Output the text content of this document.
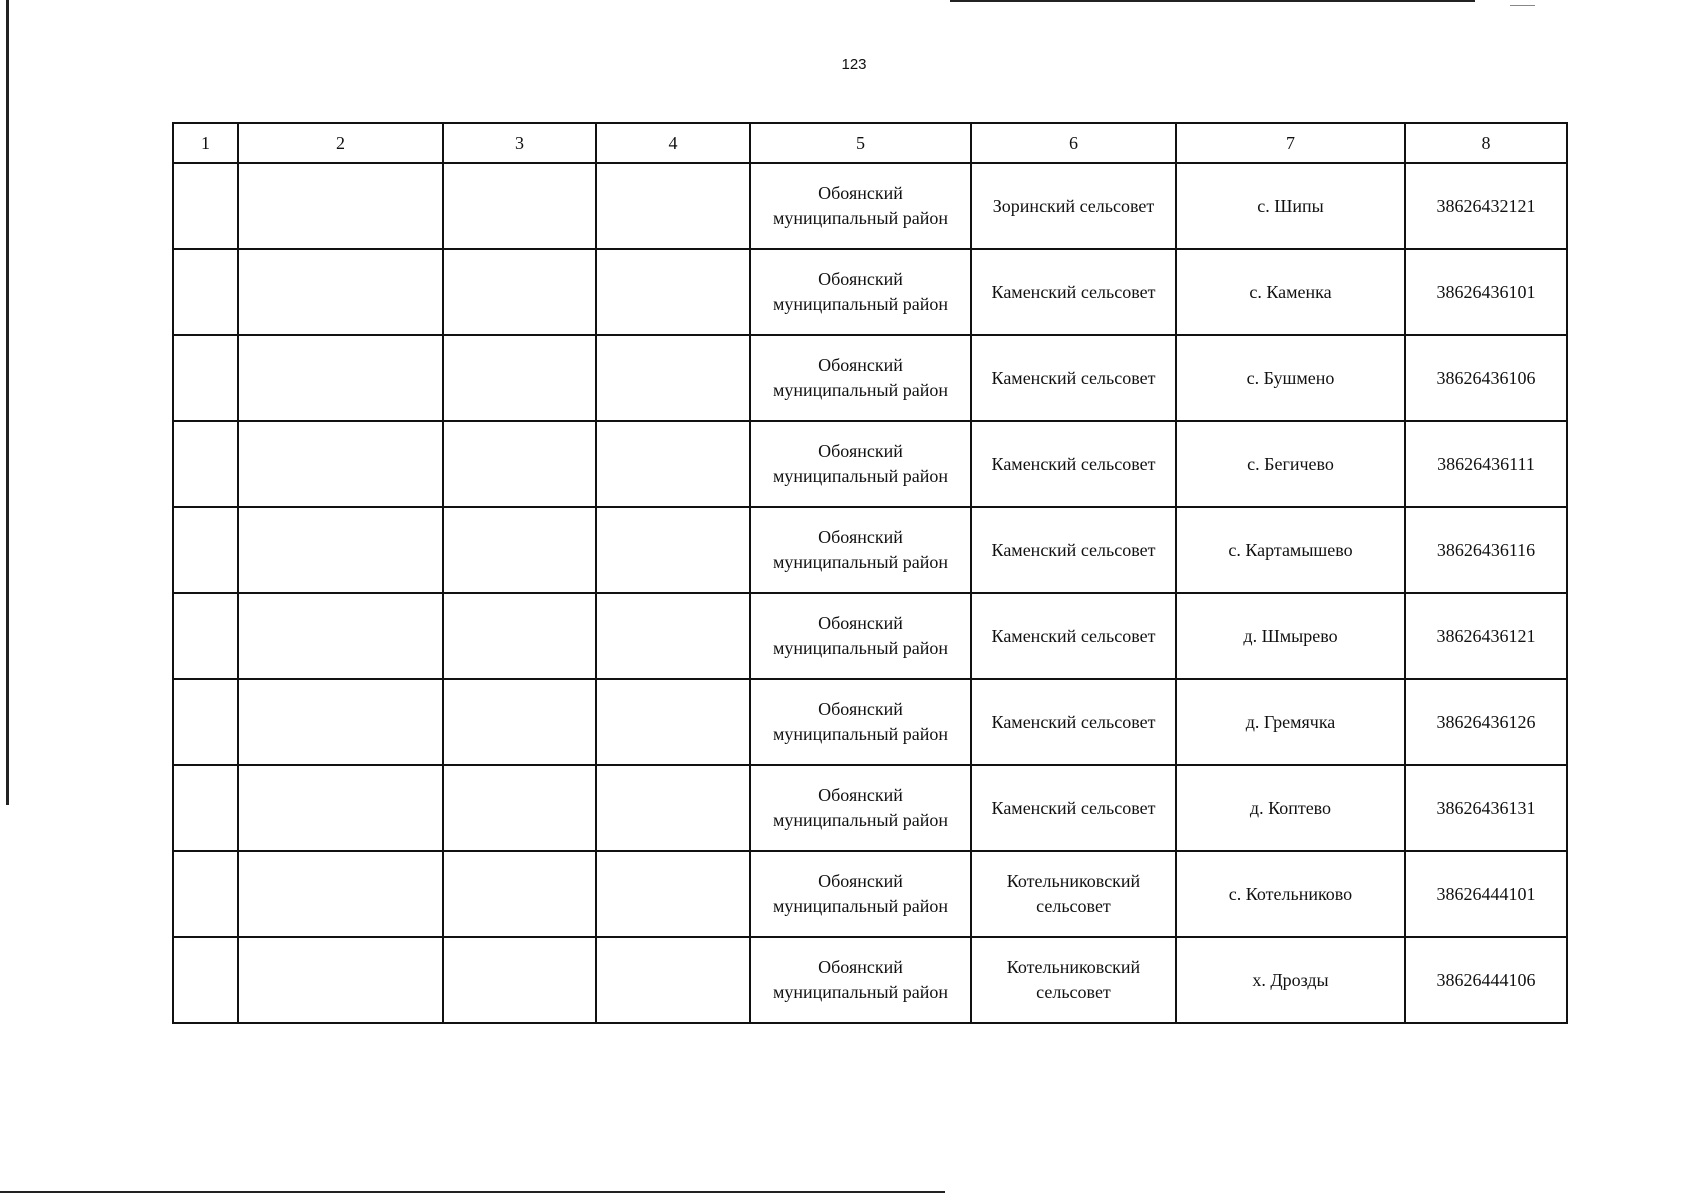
123
1	2	3	4	5	6	7	8
				Обоянский муниципальный район	Зоринский сельсовет	с. Шипы	38626432121
				Обоянский муниципальный район	Каменский сельсовет	с. Каменка	38626436101
				Обоянский муниципальный район	Каменский сельсовет	с. Бушмено	38626436106
				Обоянский муниципальный район	Каменский сельсовет	с. Бегичево	38626436111
				Обоянский муниципальный район	Каменский сельсовет	с. Картамышево	38626436116
				Обоянский муниципальный район	Каменский сельсовет	д. Шмырево	38626436121
				Обоянский муниципальный район	Каменский сельсовет	д. Гремячка	38626436126
				Обоянский муниципальный район	Каменский сельсовет	д. Коптево	38626436131
				Обоянский муниципальный район	Котельниковский сельсовет	с. Котельниково	38626444101
				Обоянский муниципальный район	Котельниковский сельсовет	х. Дрозды	38626444106
